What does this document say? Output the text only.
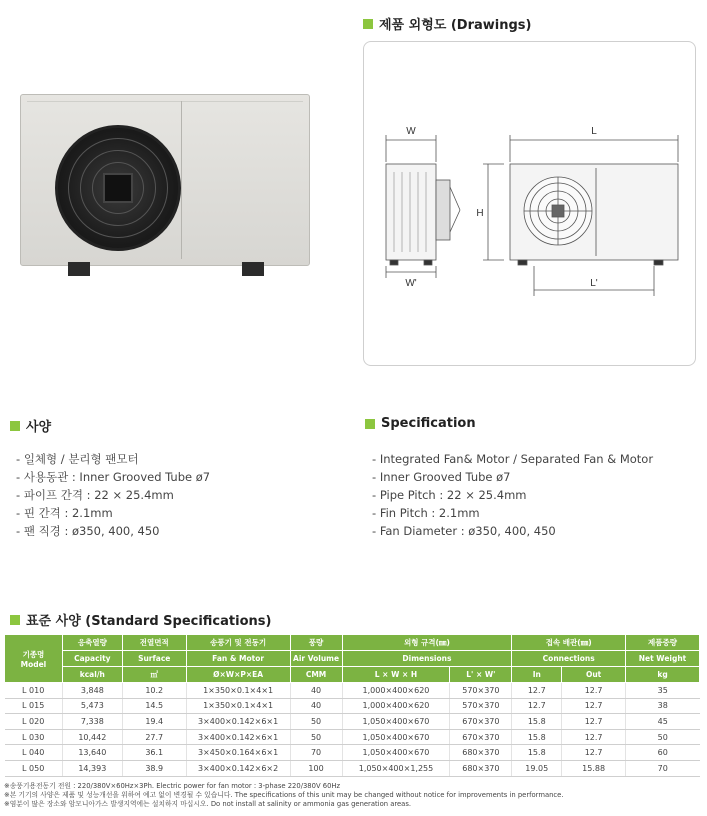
제품 외형도 (Drawings)
W
W'
L
L'
H
사양
- 일체형 / 분리형 팬모터
- 사용동관 : Inner Grooved Tube ø7
- 파이프 간격 : 22 × 25.4mm
- 핀 간격 : 2.1mm
- 팬 직경 : ø350, 400, 450
Specification
- Integrated Fan& Motor / Separated Fan & Motor
- Inner Grooved Tube ø7
- Pipe Pitch : 22 × 25.4mm
- Fin Pitch : 2.1mm
- Fan Diameter : ø350, 400, 450
표준 사양 (Standard Specifications)
기종명
Model	응축열량	전열면적	송풍기 및 전동기	풍량	외형 규격(㎜)		접속 배관(㎜)		제품중량
	Capacity	Surface	Fan & Motor	Air Volume	Dimensions		Connections		Net Weight
	kcal/h	㎡	Ø×W×P×EA	CMM	L × W × H	L' × W'	In	Out	kg
L 010	3,848	10.2	1×350×0.1×4×1	40	1,000×400×620	570×370	12.7	12.7	35
L 015	5,473	14.5	1×350×0.1×4×1	40	1,000×400×620	570×370	12.7	12.7	38
L 020	7,338	19.4	3×400×0.142×6×1	50	1,050×400×670	670×370	15.8	12.7	45
L 030	10,442	27.7	3×400×0.142×6×1	50	1,050×400×670	670×370	15.8	12.7	50
L 040	13,640	36.1	3×450×0.164×6×1	70	1,050×400×670	680×370	15.8	12.7	60
L 050	14,393	38.9	3×400×0.142×6×2	100	1,050×400×1,255	680×370	19.05	15.88	70
※송풍기용전동기 전원 : 220/380V×60Hz×3Ph. Electric power for fan motor : 3-phase 220/380V 60Hz
※본 기기의 사양은 제품 및 성능개선을 위하여 예고 없이 변경될 수 있습니다. The specifications of this unit may be changed without notice for improvements in performance.
※염분이 많은 장소와 암모니아가스 발생지역에는 설치하지 마십시오. Do not install at salinity or ammonia gas generation areas.
